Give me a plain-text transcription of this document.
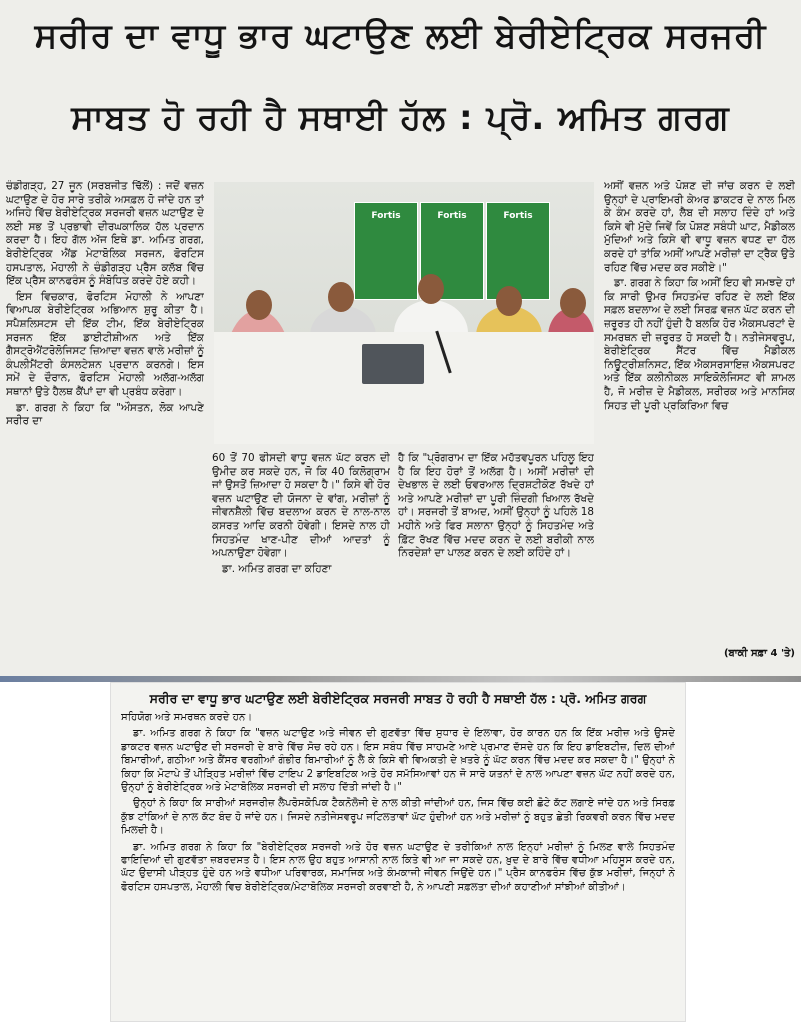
ਸਰੀਰ ਦਾ ਵਾਧੂ ਭਾਰ ਘਟਾਉਣ ਲਈ ਬੇਰੀਏਟ੍ਰਿਕ ਸਰਜਰੀ
ਸਾਬਤ ਹੋ ਰਹੀ ਹੈ ਸਥਾਈ ਹੱਲ : ਪ੍ਰੋ. ਅਮਿਤ ਗਰਗ

ਚੰਡੀਗੜ੍ਹ, 27 ਜੂਨ (ਸਰਬਜੀਤ ਢਿੱਲੋਂ) : ਜਦੋਂ ਵਜ਼ਨ ਘਟਾਉਣ ਦੇ ਹੋਰ ਸਾਰੇ ਤਰੀਕੇ ਅਸਫ਼ਲ ਹੋ ਜਾਂਦੇ ਹਨ ਤਾਂ ਅਜਿਹੇ ਵਿੱਚ ਬੇਰੀਏਟ੍ਰਿਕ ਸਰਜਰੀ ਵਜ਼ਨ ਘਟਾਉਣ ਦੇ ਲਈ ਸਭ ਤੋਂ ਪ੍ਰਭਾਵੀ ਦੀਰਘਕਾਲਿਕ ਹੱਲ ਪ੍ਰਦਾਨ ਕਰਦਾ ਹੈ। ਇਹ ਗੱਲ ਅੱਜ ਇਥੇ ਡਾ. ਅਮਿਤ ਗਰਗ, ਬੇਰੀਏਟ੍ਰਿਕ ਐਂਡ ਮੇਟਾਬੋਲਿਕ ਸਰਜਨ, ਫੋਰਟਿਸ ਹਸਪਤਾਲ, ਮੋਹਾਲੀ ਨੇ ਚੰਡੀਗੜ੍ਹ ਪ੍ਰੈਸ ਕਲੱਬ ਵਿੱਚ ਇੱਕ ਪ੍ਰੈਸ ਕਾਨਫਰੰਸ ਨੂੰ ਸੰਬੋਧਿਤ ਕਰਦੇ ਹੋਏ ਕਹੀ।

ਇਸ ਵਿਚਕਾਰ, ਫੋਰਟਿਸ ਮੋਹਾਲੀ ਨੇ ਆਪਣਾ ਵਿਆਪਕ ਬੇਰੀਏਟ੍ਰਿਕ ਅਭਿਆਨ ਸ਼ੁਰੂ ਕੀਤਾ ਹੈ। ਸਪੈਸ਼ਲਿਸਟਸ ਦੀ ਇੱਕ ਟੀਮ, ਇੱਕ ਬੇਰੀਏਟ੍ਰਿਕ ਸਰਜਨ ਇੱਕ ਡਾਈਟੀਸ਼ੀਅਨ ਅਤੇ ਇੱਕ ਗੈਸਟ੍ਰੋਐਂਟਰੋਲੋਜਿਸਟ ਜ਼ਿਆਦਾ ਵਜ਼ਨ ਵਾਲੇ ਮਰੀਜ਼ਾਂ ਨੂੰ ਕੰਪਲੀਮੈਂਟਰੀ ਕੰਸਲਟੇਸ਼ਨ ਪ੍ਰਦਾਨ ਕਰਨਗੇ। ਇਸ ਸਮੇਂ ਦੇ ਦੌਰਾਨ, ਫੋਰਟਿਸ ਮੋਹਾਲੀ ਅਲੱਗ-ਅਲੱਗ ਸਥਾਨਾਂ ਉਤੇ ਹੈਲਥ ਕੈਂਪਾਂ ਦਾ ਵੀ ਪ੍ਰਬੰਧ ਕਰੇਗਾ।

ਡਾ. ਗਰਗ ਨੇ ਕਿਹਾ ਕਿ "ਔਸਤਨ, ਲੋਕ ਆਪਣੇ ਸਰੀਰ ਦਾ

Fortis	Fortis	Fortis

60 ਤੋਂ 70 ਫੀਸਦੀ ਵਾਧੂ ਵਜ਼ਨ ਘੱਟ ਕਰਨ ਦੀ ਉਮੀਦ ਕਰ ਸਕਦੇ ਹਨ, ਜੋ ਕਿ 40 ਕਿਲੋਗ੍ਰਾਮ ਜਾਂ ਉਸਤੋਂ ਜ਼ਿਆਦਾ ਹੋ ਸਕਦਾ ਹੈ।" ਕਿਸੇ ਵੀ ਹੋਰ ਵਜ਼ਨ ਘਟਾਉਣ ਦੀ ਯੋਜਨਾ ਦੇ ਵਾਂਗ, ਮਰੀਜ਼ਾਂ ਨੂੰ ਜੀਵਨਸ਼ੈਲੀ ਵਿੱਚ ਬਦਲਾਅ ਕਰਨ ਦੇ ਨਾਲ-ਨਾਲ ਕਸਰਤ ਆਦਿ ਕਰਨੀ ਹੋਵੇਗੀ। ਇਸਦੇ ਨਾਲ ਹੀ ਸਿਹਤਮੰਦ ਖਾਣ-ਪੀਣ ਦੀਆਂ ਆਦਤਾਂ ਨੂੰ ਅਪਨਾਉਣਾ ਹੋਵੇਗਾ।

ਡਾ. ਅਮਿਤ ਗਰਗ ਦਾ ਕਹਿਣਾ

ਹੈ ਕਿ "ਪ੍ਰੋਗਰਾਮ ਦਾ ਇੱਕ ਮਹੱਤਵਪੂਰਨ ਪਹਿਲੂ ਇਹ ਹੈ ਕਿ ਇਹ ਹੋਰਾਂ ਤੋਂ ਅਲੱਗ ਹੈ। ਅਸੀਂ ਮਰੀਜ਼ਾਂ ਦੀ ਦੇਖਭਾਲ ਦੇ ਲਈ ਓਵਰਆਲ ਦ੍ਰਿਸ਼ਟੀਕੋਣ ਰੱਖਦੇ ਹਾਂ ਅਤੇ ਆਪਣੇ ਮਰੀਜ਼ਾਂ ਦਾ ਪੂਰੀ ਜ਼ਿੰਦਗੀ ਖਿਆਲ ਰੱਖਦੇ ਹਾਂ। ਸਰਜਰੀ ਤੋਂ ਬਾਅਦ, ਅਸੀਂ ਉਨ੍ਹਾਂ ਨੂੰ ਪਹਿਲੇ 18 ਮਹੀਨੇ ਅਤੇ ਫਿਰ ਸਲਾਨਾ ਉਨ੍ਹਾਂ ਨੂੰ ਸਿਹਤਮੰਦ ਅਤੇ ਫ਼ਿੱਟ ਰੱਖਣ ਵਿੱਚ ਮਦਦ ਕਰਨ ਦੇ ਲਈ ਬਰੀਕੀ ਨਾਲ ਨਿਰਦੇਸ਼ਾਂ ਦਾ ਪਾਲਣ ਕਰਨ ਦੇ ਲਈ ਕਹਿੰਦੇ ਹਾਂ।

ਅਸੀਂ ਵਜ਼ਨ ਅਤੇ ਪੋਸ਼ਣ ਦੀ ਜਾਂਚ ਕਰਨ ਦੇ ਲਈ ਉਨ੍ਹਾਂ ਦੇ ਪ੍ਰਾਇਮਰੀ ਕੇਅਰ ਡਾਕਟਰ ਦੇ ਨਾਲ ਮਿਲ ਕੇ ਕੰਮ ਕਰਦੇ ਹਾਂ, ਲੈਬ ਦੀ ਸਲਾਹ ਦਿੰਦੇ ਹਾਂ ਅਤੇ ਕਿਸੇ ਵੀ ਮੁੱਦੇ ਜਿਵੇਂ ਕਿ ਪੋਸ਼ਣ ਸਬੰਧੀ ਘਾਟ, ਮੈਡੀਕਲ ਮੁੱਦਿਆਂ ਅਤੇ ਕਿਸੇ ਵੀ ਵਾਧੂ ਵਜ਼ਨ ਵਧਣ ਦਾ ਹੱਲ ਕਰਦੇ ਹਾਂ ਤਾਂਕਿ ਅਸੀਂ ਆਪਣੇ ਮਰੀਜ਼ਾਂ ਦਾ ਟ੍ਰੈਕ ਉਤੇ ਰਹਿਣ ਵਿੱਚ ਮਦਦ ਕਰ ਸਕੀਏ।"

ਡਾ. ਗਰਗ ਨੇ ਕਿਹਾ ਕਿ ਅਸੀਂ ਇਹ ਵੀ ਸਮਝਦੇ ਹਾਂ ਕਿ ਸਾਰੀ ਉਮਰ ਸਿਹਤਮੰਦ ਰਹਿਣ ਦੇ ਲਈ ਇੱਕ ਸਫ਼ਲ ਬਦਲਾਅ ਦੇ ਲਈ ਸਿਰਫ਼ ਵਜ਼ਨ ਘੱਟ ਕਰਨ ਦੀ ਜ਼ਰੂਰਤ ਹੀ ਨਹੀਂ ਹੁੰਦੀ ਹੈ ਬਲਕਿ ਹੋਰ ਐਕਸਪਰਟਾਂ ਦੇ ਸਮਰਥਨ ਦੀ ਜ਼ਰੂਰਤ ਹੋ ਸਕਦੀ ਹੈ। ਨਤੀਜੇਸਵਰੂਪ, ਬੇਰੀਏਟ੍ਰਿਕ ਸੈਂਟਰ ਵਿੱਚ ਮੈਡੀਕਲ ਨਿਊਟ੍ਰੀਸ਼ਨਿਸਟ, ਇੱਕ ਐਕਸਰਸਾਇਜ਼ ਐਕਸਪਰਟ ਅਤੇ ਇੱਕ ਕਲੀਨੀਕਲ ਸਾਇਕੋਲੋਜਿਸਟ ਵੀ ਸ਼ਾਮਲ ਹੈ, ਜੋ ਮਰੀਜ਼ ਦੇ ਮੈਡੀਕਲ, ਸਰੀਰਕ ਅਤੇ ਮਾਨਸਿਕ ਸਿਹਤ ਦੀ ਪੂਰੀ ਪ੍ਰਕਿਰਿਆ ਵਿਚ

(ਬਾਕੀ ਸਫ਼ਾ 4 'ਤੇ)
ਸਰੀਰ ਦਾ ਵਾਧੂ ਭਾਰ ਘਟਾਉਣ ਲਈ ਬੇਰੀਏਟ੍ਰਿਕ ਸਰਜਰੀ ਸਾਬਤ ਹੋ ਰਹੀ ਹੈ ਸਥਾਈ ਹੱਲ : ਪ੍ਰੋ. ਅਮਿਤ ਗਰਗ

ਸਹਿਯੋਗ ਅਤੇ ਸਮਰਥਨ ਕਰਦੇ ਹਨ।

ਡਾ. ਅਮਿਤ ਗਰਗ ਨੇ ਕਿਹਾ ਕਿ "ਵਜ਼ਨ ਘਟਾਉਣ ਅਤੇ ਜੀਵਨ ਦੀ ਗੁਣਵੱਤਾ ਵਿੱਚ ਸੁਧਾਰ ਦੇ ਇਲਾਵਾ, ਹੋਰ ਕਾਰਨ ਹਨ ਕਿ ਇੱਕ ਮਰੀਜ਼ ਅਤੇ ਉਸਦੇ ਡਾਕਟਰ ਵਜ਼ਨ ਘਟਾਉਣ ਦੀ ਸਰਜਰੀ ਦੇ ਬਾਰੇ ਵਿੱਚ ਸੋਚ ਰਹੇ ਹਨ। ਇਸ ਸਬੰਧ ਵਿੱਚ ਸਾਹਮਣੇ ਆਏ ਪ੍ਰਮਾਣ ਦੱਸਦੇ ਹਨ ਕਿ ਇਹ ਡਾਇਬਟੀਜ਼, ਦਿਲ ਦੀਆਂ ਬਿਮਾਰੀਆਂ, ਗਠੀਆ ਅਤੇ ਕੈਂਸਰ ਵਰਗੀਆਂ ਗੰਭੀਰ ਬਿਮਾਰੀਆਂ ਨੂੰ ਲੈ ਕੇ ਕਿਸੇ ਵੀ ਵਿਅਕਤੀ ਦੇ ਖ਼ਤਰੇ ਨੂੰ ਘੱਟ ਕਰਨ ਵਿੱਚ ਮਦਦ ਕਰ ਸਕਦਾ ਹੈ।" ਉਨ੍ਹਾਂ ਨੇ ਕਿਹਾ ਕਿ ਮੋਟਾਪੇ ਤੋਂ ਪੀੜ੍ਹਿਤ ਮਰੀਜ਼ਾਂ ਵਿੱਚ ਟਾਇਪ 2 ਡਾਇਬਟਿਕ ਅਤੇ ਹੋਰ ਸਮੱਸਿਆਵਾਂ ਹਨ ਜੋ ਸਾਰੇ ਯਤਨਾਂ ਦੇ ਨਾਲ ਆਪਣਾ ਵਜ਼ਨ ਘੱਟ ਨਹੀਂ ਕਰਦੇ ਹਨ, ਉਨ੍ਹਾਂ ਨੂੰ ਬੇਰੀਏਟ੍ਰਿਕ ਅਤੇ ਮੇਟਾਬੋਲਿਕ ਸਰਜਰੀ ਦੀ ਸਲਾਹ ਦਿੱਤੀ ਜਾਂਦੀ ਹੈ।"

ਉਨ੍ਹਾਂ ਨੇ ਕਿਹਾ ਕਿ ਸਾਰੀਆਂ ਸਰਜਰੀਜ਼ ਲੈਪਰੋਸਕੋਪਿਕ ਟੈਕਨੋਲੋਜੀ ਦੇ ਨਾਲ ਕੀਤੀ ਜਾਂਦੀਆਂ ਹਨ, ਜਿਸ ਵਿੱਚ ਕਈ ਛੋਟੇ ਕੱਟ ਲਗਾਏ ਜਾਂਦੇ ਹਨ ਅਤੇ ਸਿਰਫ਼ ਕੁੱਝ ਟਾਂਕਿਆਂ ਦੇ ਨਾਲ ਕੱਟ ਬੰਦ ਹੋ ਜਾਂਦੇ ਹਨ। ਜਿਸਦੇ ਨਤੀਜੇਸਵਰੂਪ ਜਟਿਲਤਾਵਾਂ ਘੱਟ ਹੁੰਦੀਆਂ ਹਨ ਅਤੇ ਮਰੀਜ਼ਾਂ ਨੂੰ ਬਹੁਤ ਛੇਤੀ ਰਿਕਵਰੀ ਕਰਨ ਵਿੱਚ ਮਦਦ ਮਿਲਦੀ ਹੈ।

ਡਾ. ਅਮਿਤ ਗਰਗ ਨੇ ਕਿਹਾ ਕਿ "ਬੇਰੀਏਟ੍ਰਿਕ ਸਰਜਰੀ ਅਤੇ ਹੋਰ ਵਜ਼ਨ ਘਟਾਉਣ ਦੇ ਤਰੀਕਿਆਂ ਨਾਲ ਇਨ੍ਹਾਂ ਮਰੀਜ਼ਾਂ ਨੂੰ ਮਿਲਣ ਵਾਲੇ ਸਿਹਤਮੰਦ ਫਾਇਦਿਆਂ ਦੀ ਗੁਣਵੱਤਾ ਜ਼ਬਰਦਸਤ ਹੈ। ਇਸ ਨਾਲ ਉਹ ਬਹੁਤ ਆਸਾਨੀ ਨਾਲ ਕਿਤੇ ਵੀ ਆ ਜਾ ਸਕਦੇ ਹਨ, ਖ਼ੁਦ ਦੇ ਬਾਰੇ ਵਿੱਚ ਵਧੀਆ ਮਹਿਸੂਸ ਕਰਦੇ ਹਨ, ਘੱਟ ਉਦਾਸੀ ਪੀੜ੍ਹਤ ਹੁੰਦੇ ਹਨ ਅਤੇ ਵਧੀਆ ਪਰਿਵਾਰਕ, ਸਮਾਜਿਕ ਅਤੇ ਕੰਮਕਾਜੀ ਜੀਵਨ ਜਿਉਂਦੇ ਹਨ।" ਪ੍ਰੈਸ ਕਾਨਫਰੰਸ ਵਿੱਚ ਕੁੱਝ ਮਰੀਜ਼ਾਂ, ਜਿਨ੍ਹਾਂ ਨੇ ਫੋਰਟਿਸ ਹਸਪਤਾਲ, ਮੋਹਾਲੀ ਵਿਚ ਬੇਰੀਏਟ੍ਰਿਕ/ਮੇਟਾਬੋਲਿਕ ਸਰਜਰੀ ਕਰਵਾਈ ਹੈ, ਨੇ ਆਪਣੀ ਸਫ਼ਲਤਾ ਦੀਆਂ ਕਹਾਣੀਆਂ ਸਾਂਝੀਆਂ ਕੀਤੀਆਂ।
